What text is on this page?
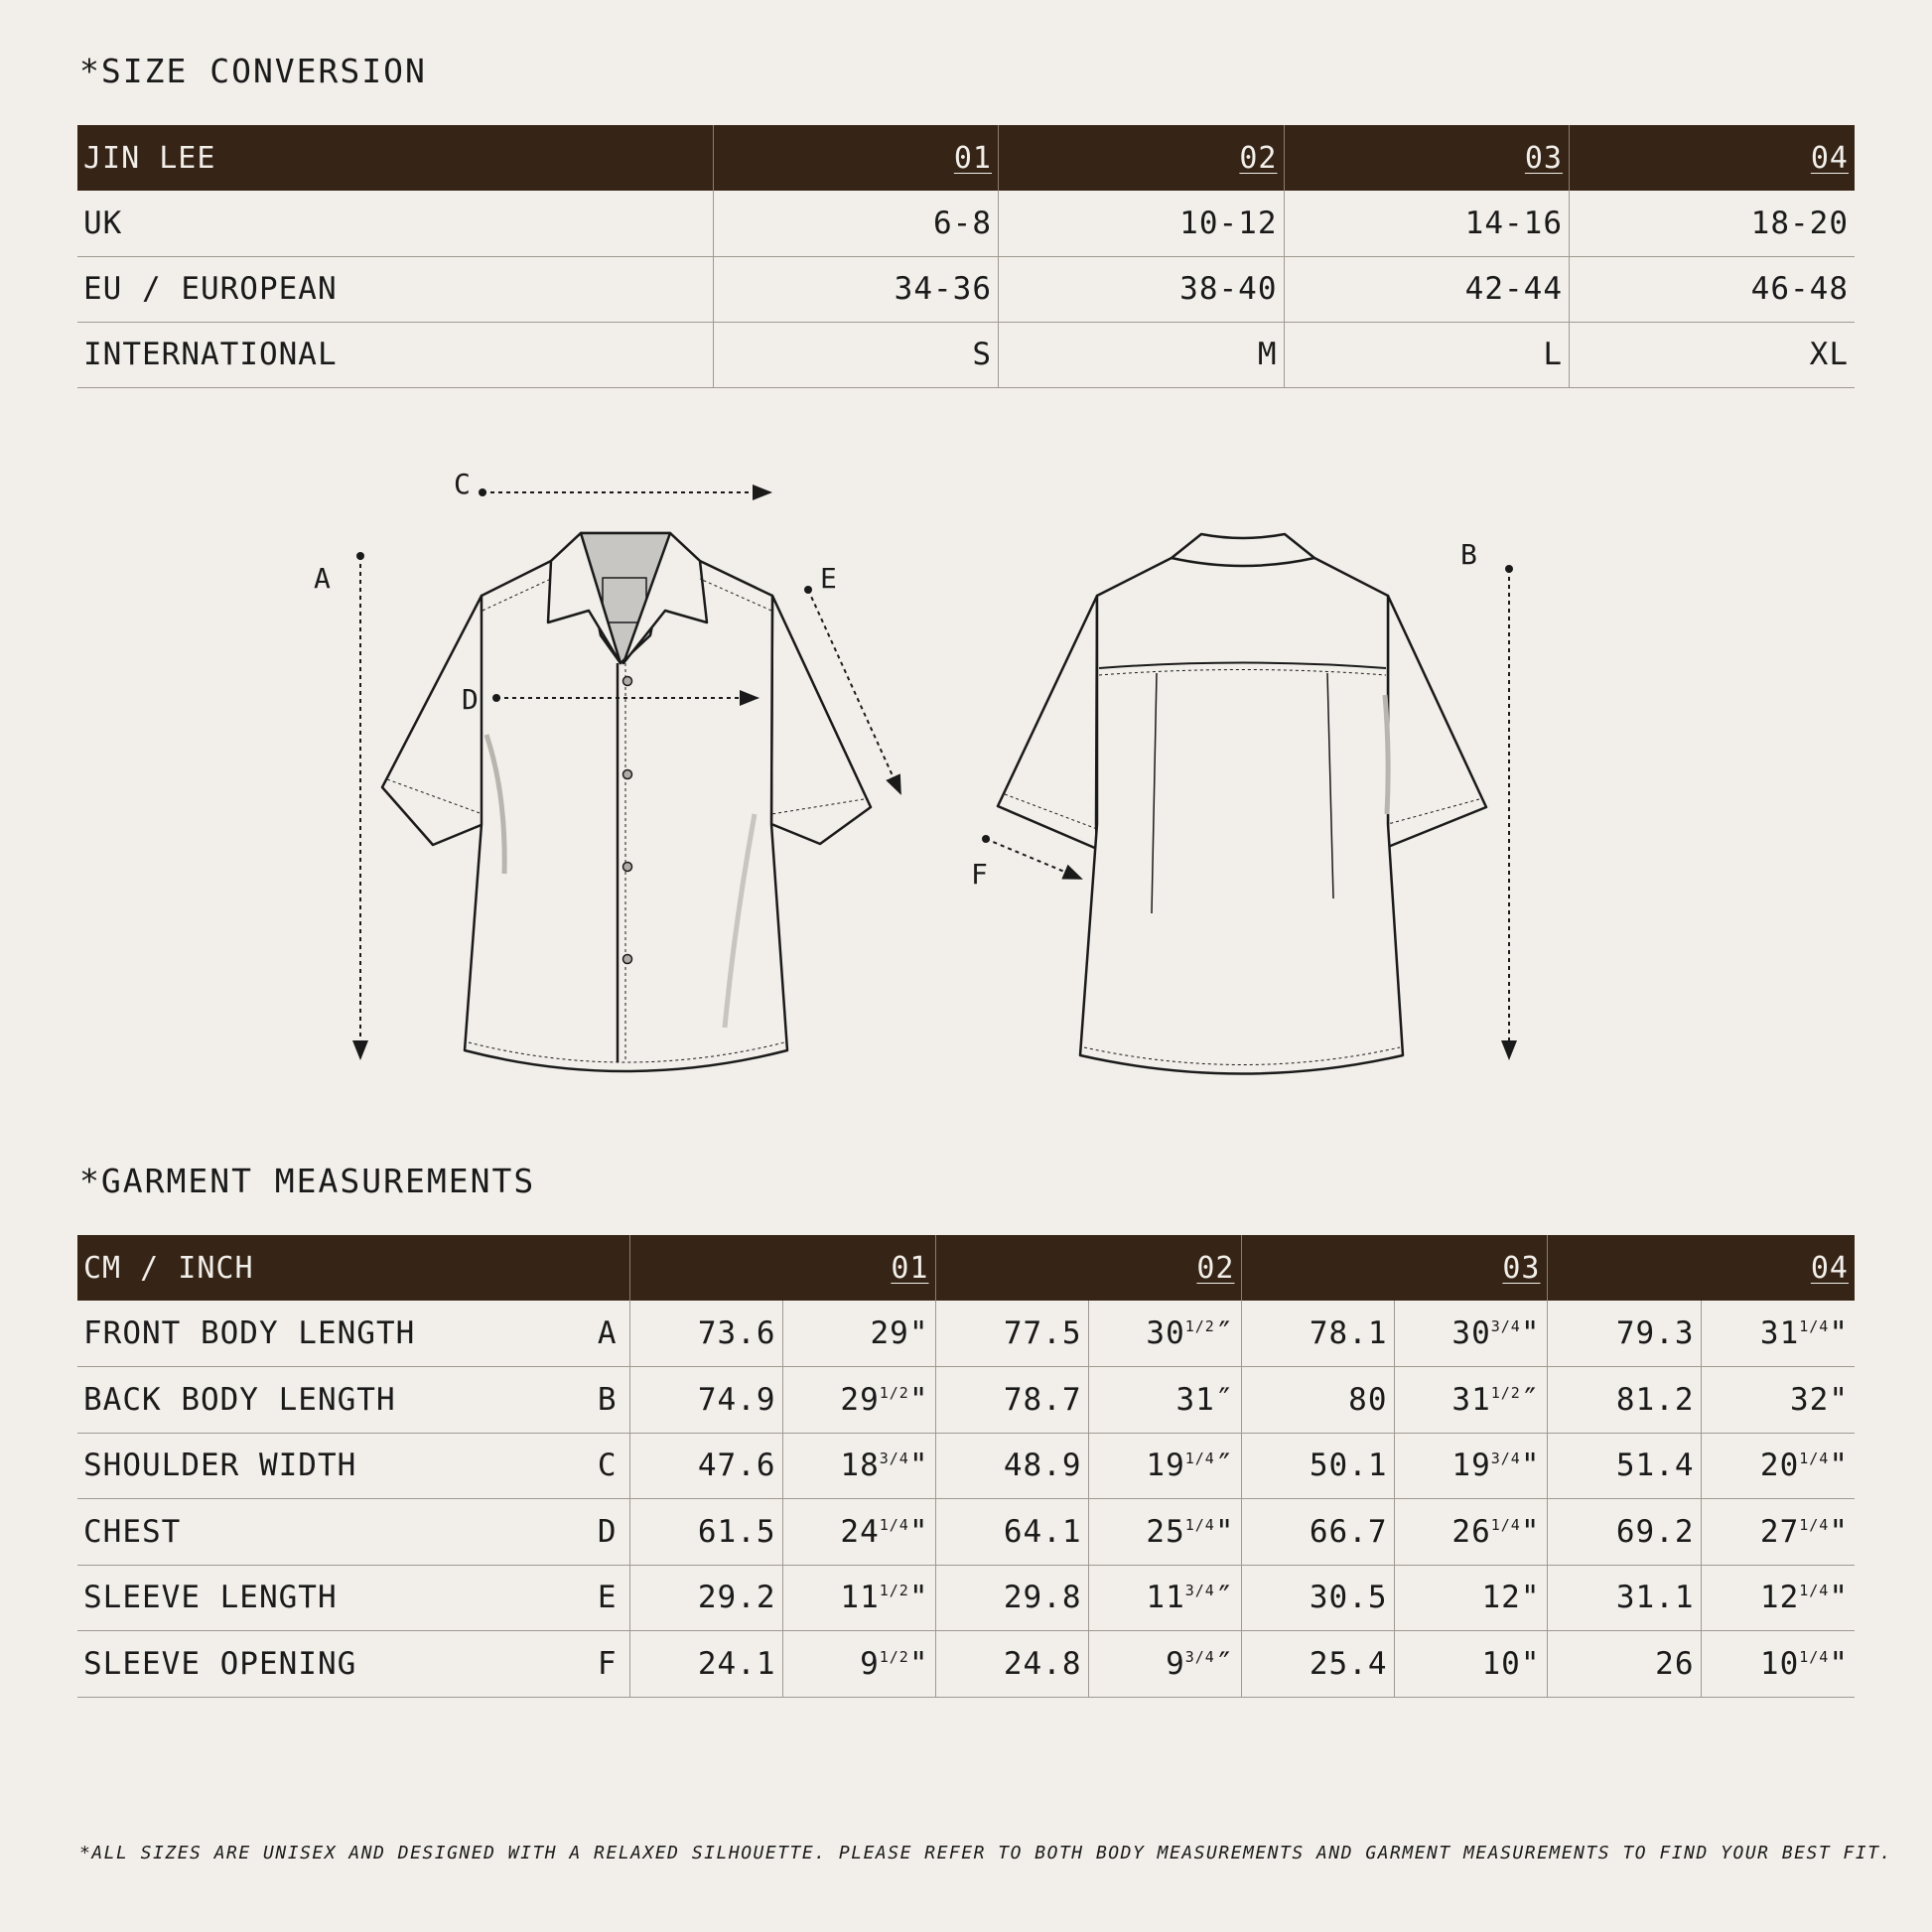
*SIZE CONVERSION
JIN LEE	01	02	03	04
UK	6-8	10-12	14-16	18-20
EU / EUROPEAN	34-36	38-40	42-44	46-48
INTERNATIONAL	S	M	L	XL
A
B
C
D
E
F
*GARMENT MEASUREMENTS
CM / INCH		01		02		03		04	
FRONT BODY LENGTH	A	73.6	29"	77.5	$30^{1/2}''$	78.1	$30^{3/4}$"	79.3	$31^{1/4}$"
BACK BODY LENGTH	B	74.9	$29^{1/2}$"	78.7	31″	80	$31^{1/2}''$	81.2	32"
SHOULDER WIDTH	C	47.6	$18^{3/4}$"	48.9	$19^{1/4}''$	50.1	$19^{3/4}$"	51.4	$20^{1/4}$"
CHEST	D	61.5	$24^{1/4}$"	64.1	$25^{1/4}$"	66.7	$26^{1/4}$"	69.2	$27^{1/4}$"
SLEEVE LENGTH	E	29.2	$11^{1/2}$"	29.8	$11^{3/4}''$	30.5	12"	31.1	$12^{1/4}$"
SLEEVE OPENING	F	24.1	$9^{1/2}$"	24.8	$9^{3/4}''$	25.4	10"	26	$10^{1/4}$"
*ALL SIZES ARE UNISEX AND DESIGNED WITH A RELAXED SILHOUETTE. PLEASE REFER TO BOTH BODY MEASUREMENTS AND GARMENT MEASUREMENTS TO FIND YOUR BEST FIT.
